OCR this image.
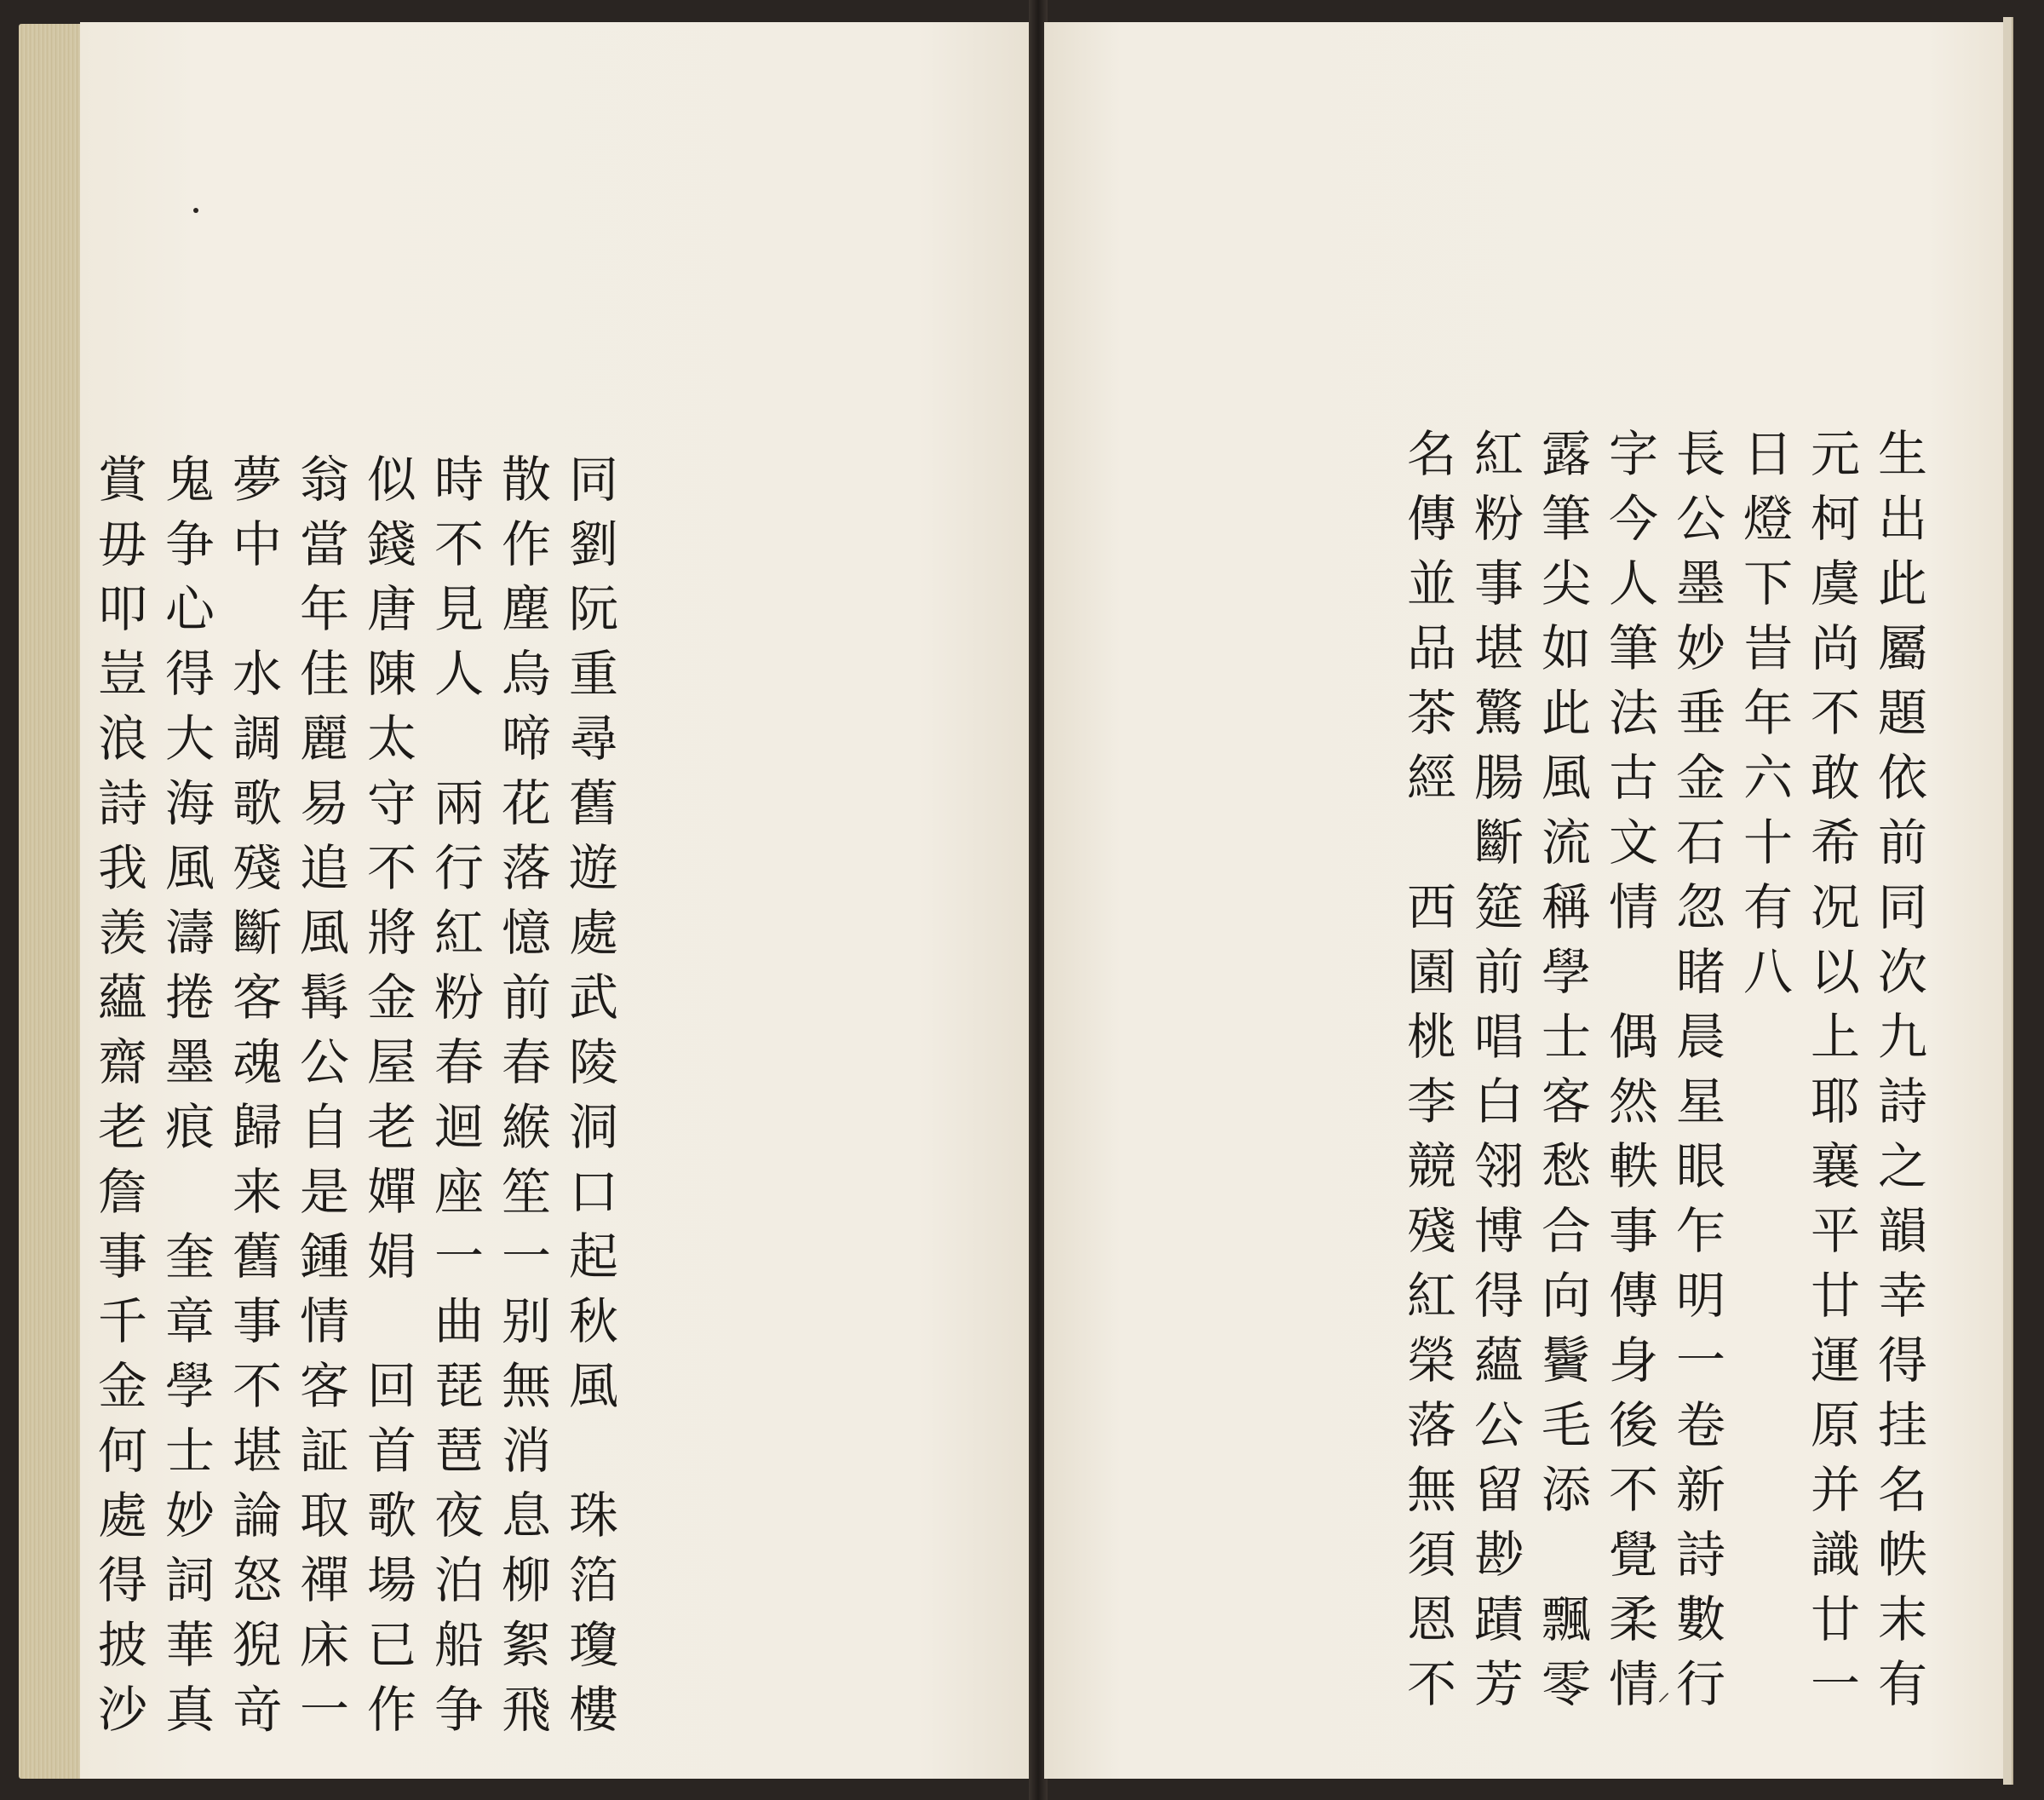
同
劉
阮
重
尋
舊
遊
處
武
陵
洞
口
起
秋
風
珠
箔
瓊
樓
散
作
塵
烏
啼
花
落
憶
前
春
緱
笙
一
别
無
消
息
柳
絮
飛
時
不
見
人
兩
行
紅
粉
春
迴
座
一
曲
琵
琶
夜
泊
船
争
似
錢
唐
陳
太
守
不
將
金
屋
老
嬋
娟
回
首
歌
場
已
作
翁
當
年
佳
麗
易
追
風
髯
公
自
是
鍾
情
客
証
取
禪
床
一
夢
中
水
調
歌
殘
斷
客
魂
歸
来
舊
事
不
堪
論
怒
猊
竒
鬼
争
心
得
大
海
風
濤
捲
墨
痕
奎
章
學
士
妙
詞
華
真
賞
毋
叩
豈
浪
詩
我
羡
蘊
齋
老
詹
事
千
金
何
處
得
披
沙	⸝
生
出
此
屬
題
依
前
同
次
九
詩
之
韻
幸
得
挂
名
帙
末
有
元
柯
虞
尚
不
敢
希
况
以
上
耶
襄
平
廿
運
原
并
識
廿
一
日
燈
下
旹
年
六
十
有
八
長
公
墨
妙
垂
金
石
忽
睹
晨
星
眼
乍
明
一
卷
新
詩
數
行
字
今
人
筆
法
古
文
情
偶
然
軼
事
傳
身
後
不
覺
柔
情
露
筆
尖
如
此
風
流
稱
學
士
客
愁
合
向
鬢
毛
添
飄
零
紅
粉
事
堪
驚
腸
斷
筵
前
唱
白
翎
博
得
蘊
公
留
尠
蹟
芳
名
傳
並
品
茶
經
西
園
桃
李
競
殘
紅
榮
落
無
須
恩
不
